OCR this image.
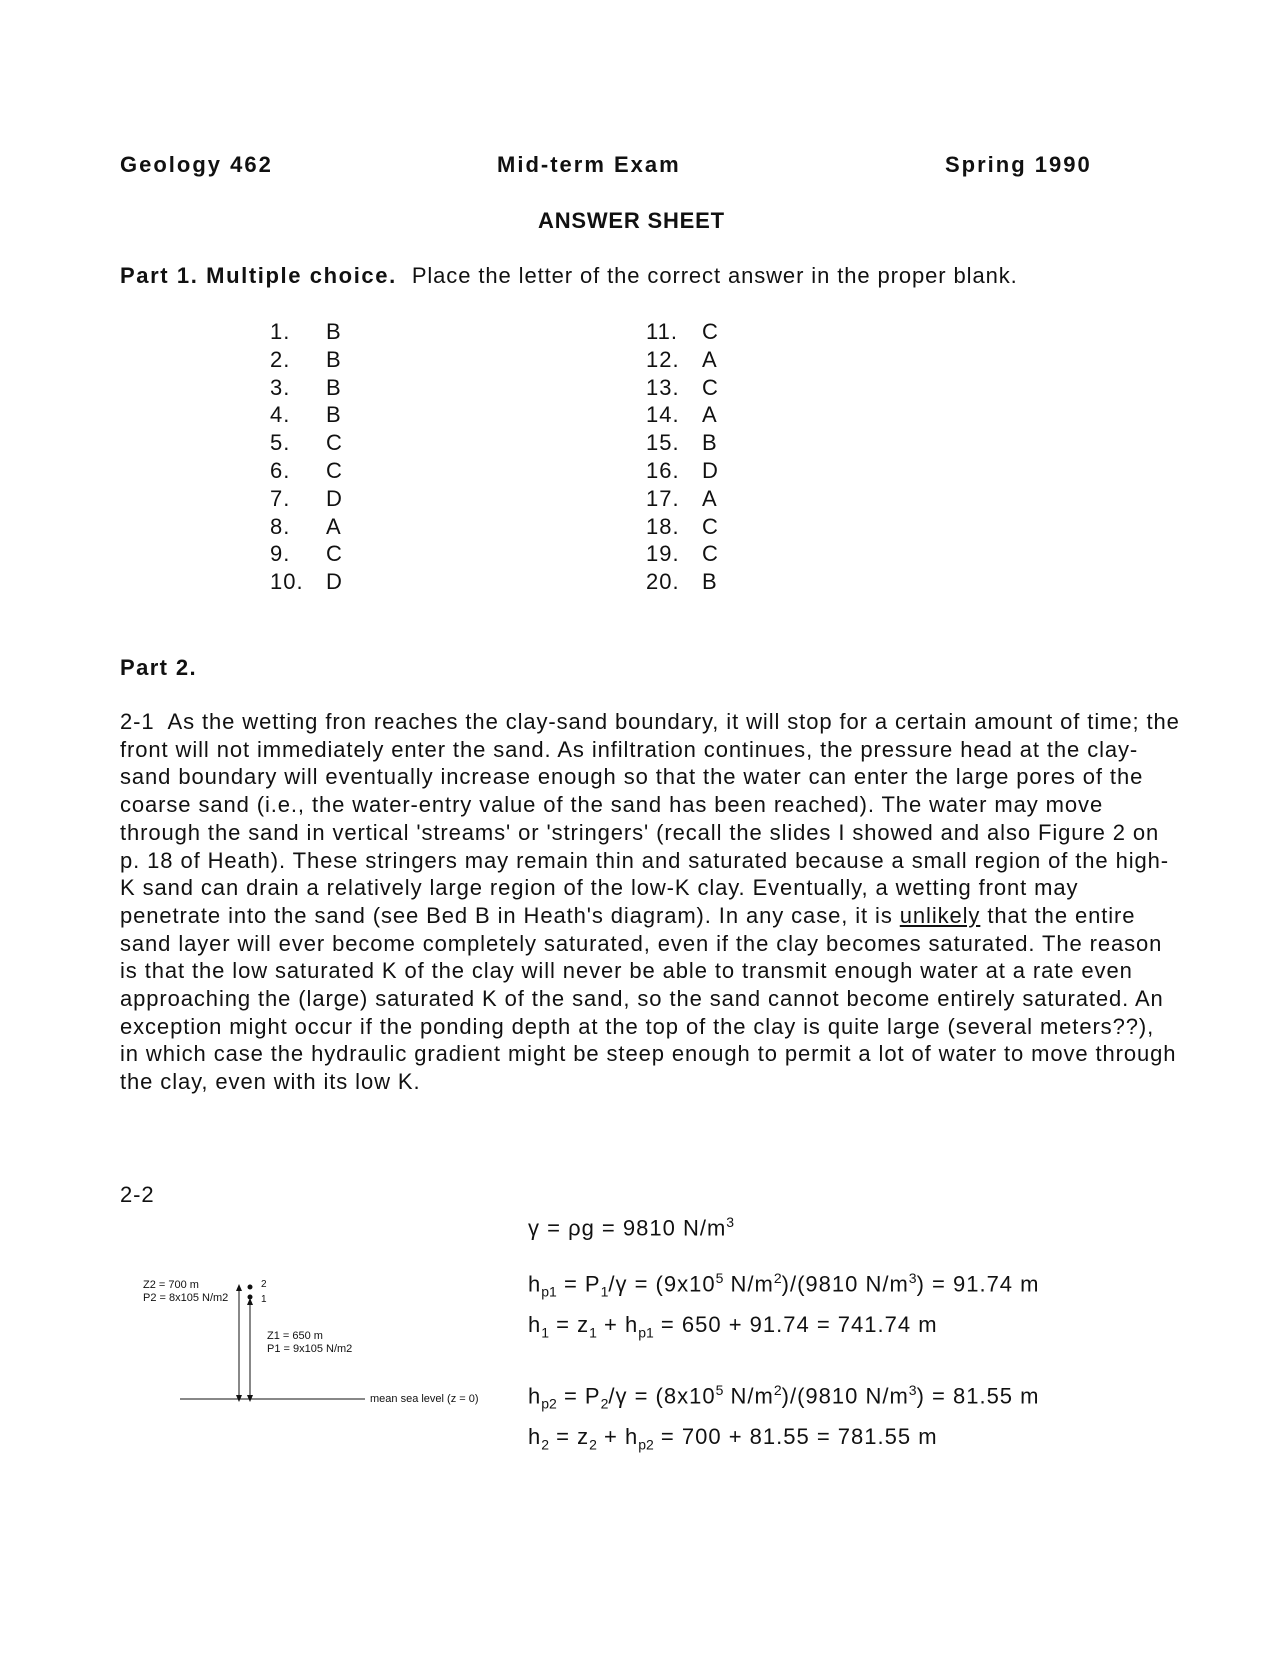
Geology 462	Mid-term Exam	Spring 1990
ANSWER SHEET
Part 1. Multiple choice. Place the letter of the correct answer in the proper blank.
1. B
2. B
3. B
4. B
5. C
6. C
7. D
8. A
9. C
10. D
11. C
12. A
13. C
14. A
15. B
16. D
17. A
18. C
19. C
20. B
Part 2.

2-1 As the wetting fron reaches the clay-sand boundary, it will stop for a certain amount of time; the front will not immediately enter the sand. As infiltration continues, the pressure head at the clay-sand boundary will eventually increase enough so that the water can enter the large pores of the coarse sand (i.e., the water-entry value of the sand has been reached). The water may move through the sand in vertical 'streams' or 'stringers' (recall the slides I showed and also Figure 2 on p. 18 of Heath). These stringers may remain thin and saturated because a small region of the high-K sand can drain a relatively large region of the low-K clay. Eventually, a wetting front may penetrate into the sand (see Bed B in Heath's diagram). In any case, it is unlikely that the entire sand layer will ever become completely saturated, even if the clay becomes saturated. The reason is that the low saturated K of the clay will never be able to transmit enough water at a rate even approaching the (large) saturated K of the sand, so the sand cannot become entirely saturated. An exception might occur if the ponding depth at the top of the clay is quite large (several meters??), in which case the hydraulic gradient might be steep enough to permit a lot of water to move through the clay, even with its low K.

2-2
Z2 = 700 m
P2 = 8x105 N/m2
2
1
Z1 = 650 m
P1 = 9x105 N/m2
mean sea level (z = 0)
γ = ρg = 9810 $N/m^3$
$h_{p1} = P_1/\gamma = (9x10^5$ $N/m^2)/(9810$ $N/m^3) = 91.74$ m
$h_1 = z_1 + h_{p1} = 650 + 91.74 = 741.74$ m
$h_{p2} = P_2/\gamma = (8x10^5$ $N/m^2)/(9810$ $N/m^3) = 81.55$ m
$h_2 = z_2 + h_{p2} = 700 + 81.55 = 781.55$ m
